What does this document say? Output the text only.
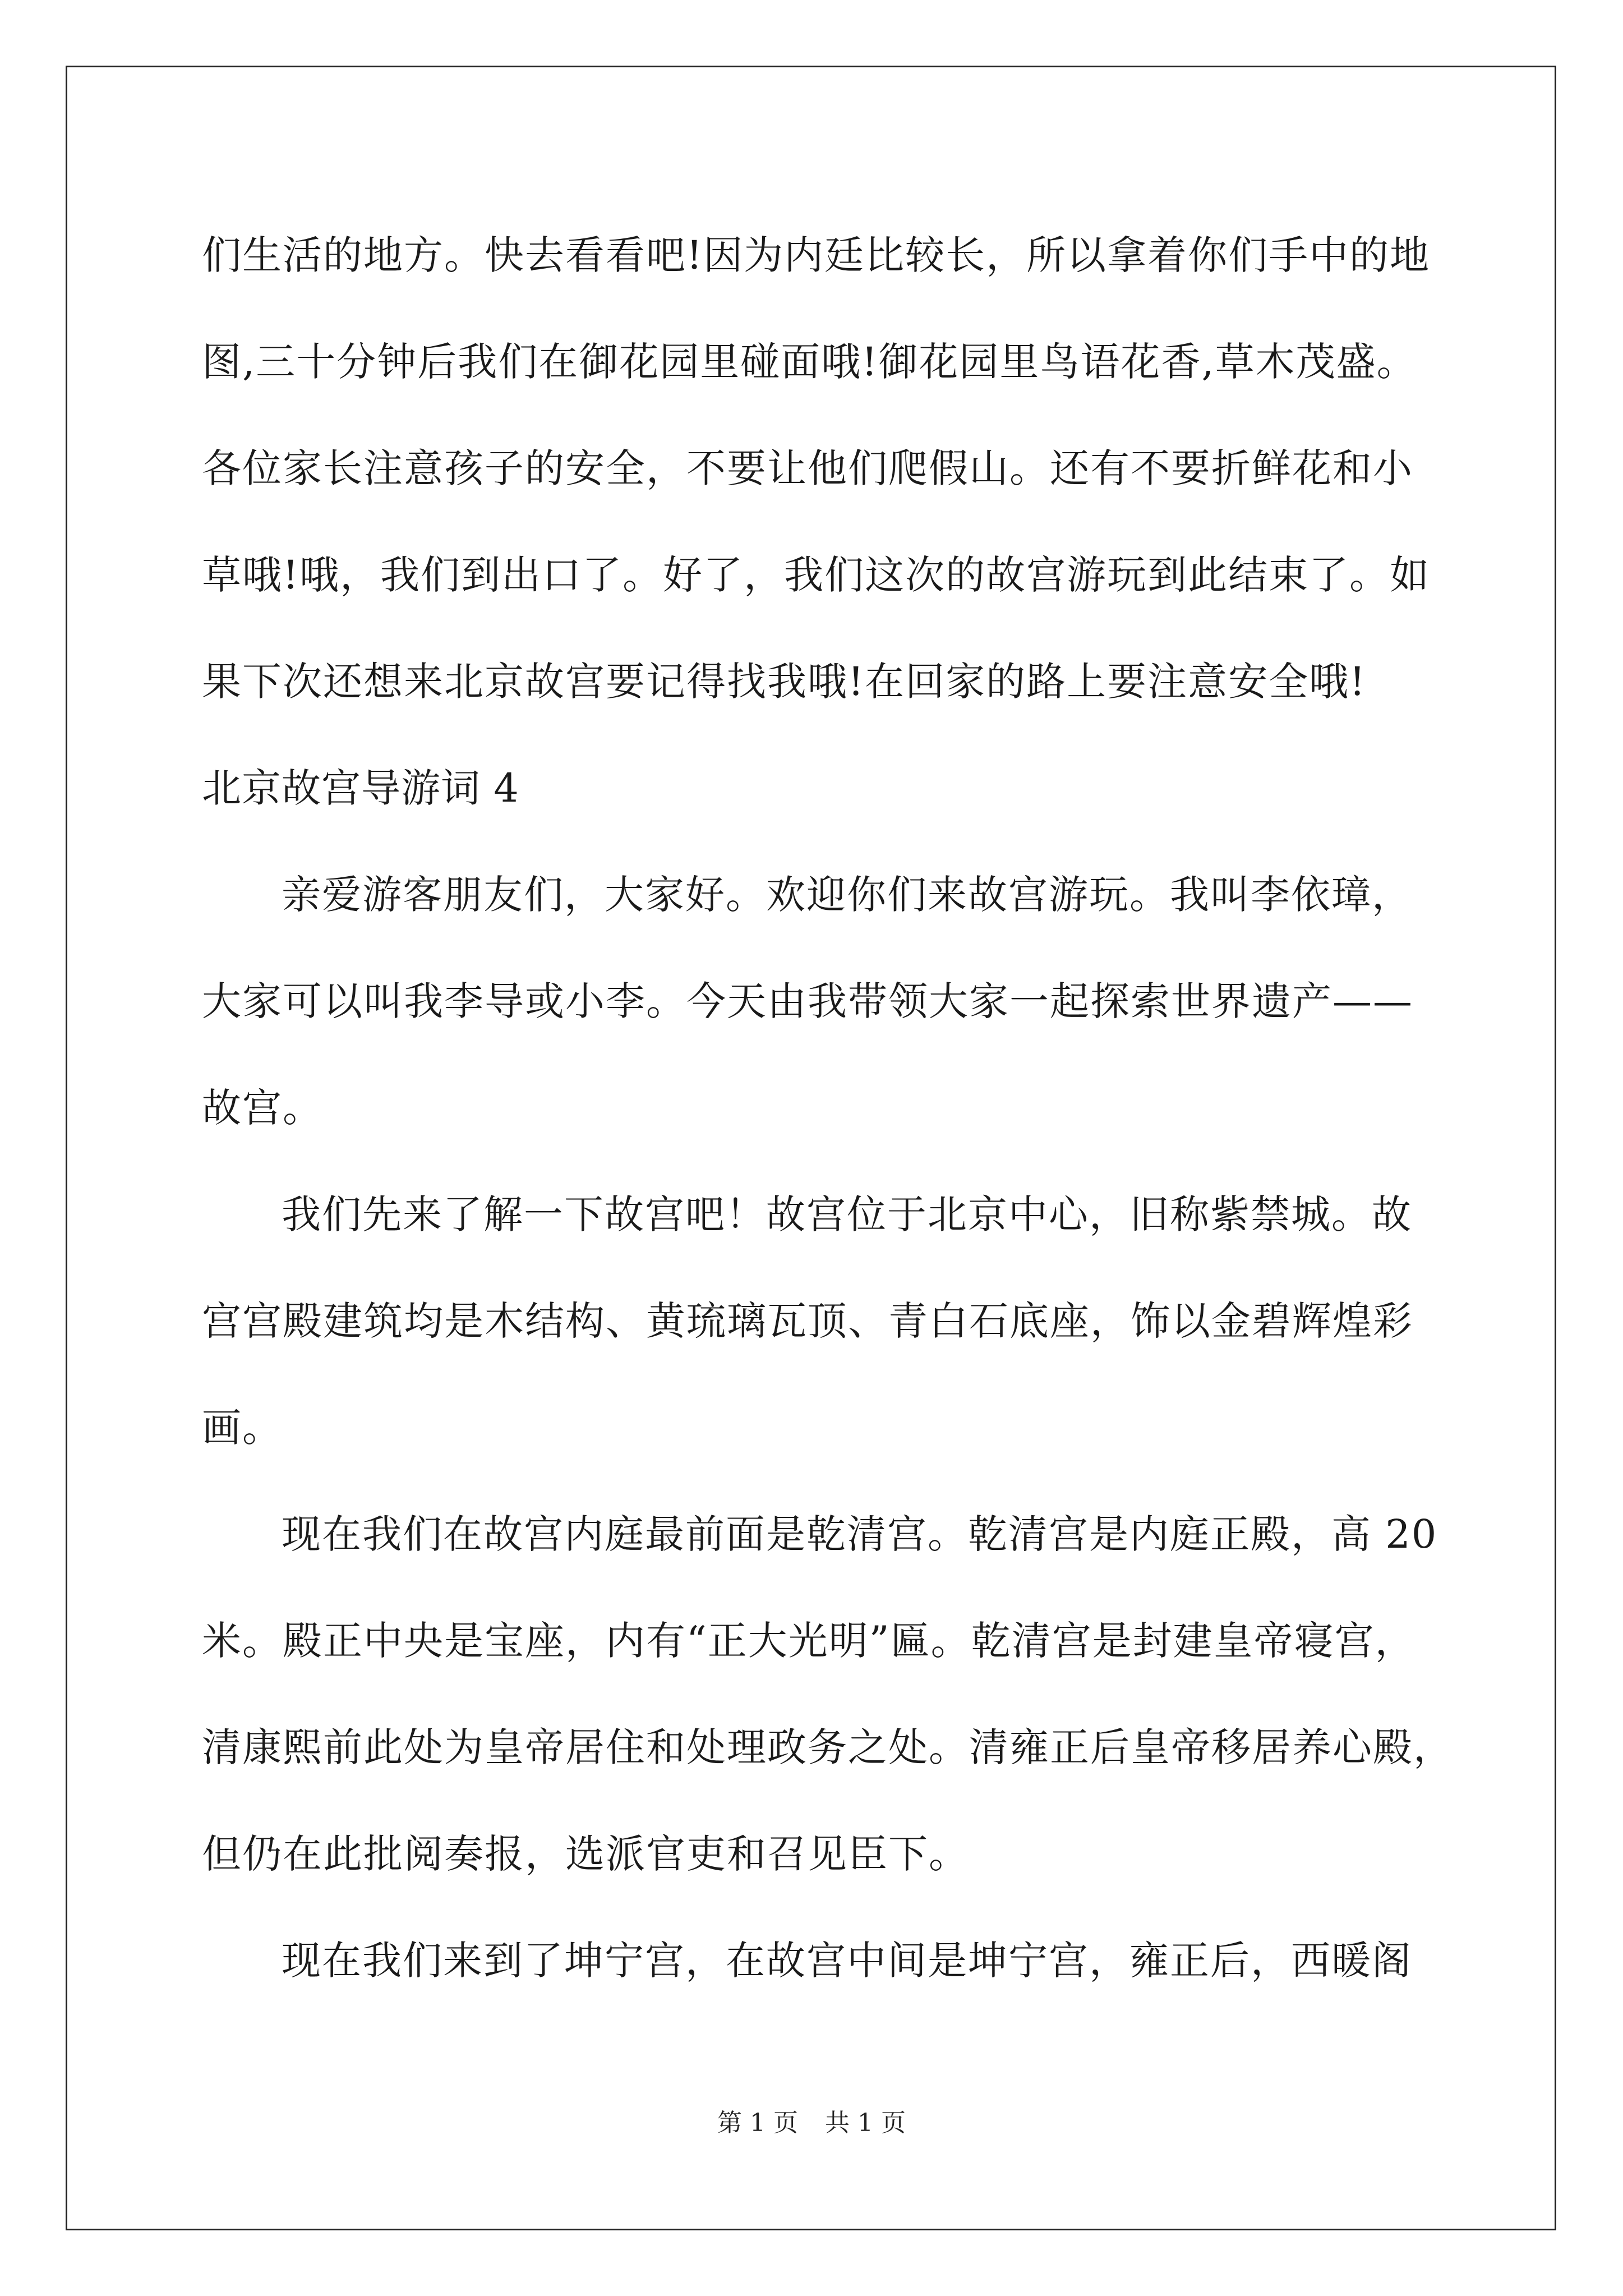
们生活的地方。快去看看吧!因为内廷比较长，所以拿着你们手中的地
图,三十分钟后我们在御花园里碰面哦!御花园里鸟语花香,草木茂盛。
各位家长注意孩子的安全，不要让他们爬假山。还有不要折鲜花和小
草哦!哦，我们到出口了。好了，我们这次的故宫游玩到此结束了。如
果下次还想来北京故宫要记得找我哦!在回家的路上要注意安全哦!
北京故宫导游词 4
亲爱游客朋友们，大家好。欢迎你们来故宫游玩。我叫李依璋，
大家可以叫我李导或小李。今天由我带领大家一起探索世界遗产——
故宫。
我们先来了解一下故宫吧！故宫位于北京中心，旧称紫禁城。故
宫宫殿建筑均是木结构、黄琉璃瓦顶、青白石底座，饰以金碧辉煌彩
画。
现在我们在故宫内庭最前面是乾清宫。乾清宫是内庭正殿，高 20
米。殿正中央是宝座，内有“正大光明”匾。乾清宫是封建皇帝寝宫，
清康熙前此处为皇帝居住和处理政务之处。清雍正后皇帝移居养心殿，
但仍在此批阅奏报，选派官吏和召见臣下。
现在我们来到了坤宁宫，在故宫中间是坤宁宫，雍正后，西暖阁
第 1 页 共 1 页
